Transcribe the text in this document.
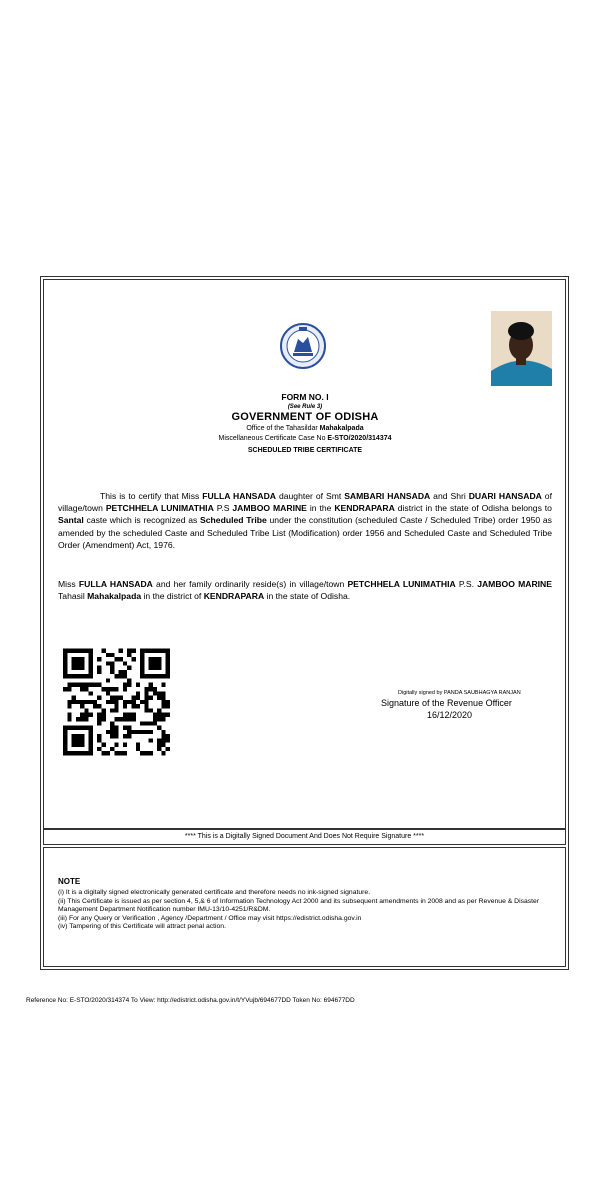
FORM NO. I
(See Rule 3)
GOVERNMENT OF ODISHA
Office of the Tahasildar Mahakalpada
Miscellaneous Certificate Case No E-STO/2020/314374
SCHEDULED TRIBE CERTIFICATE
This is to certify that Miss FULLA HANSADA daughter of Smt SAMBARI HANSADA and Shri DUARI HANSADA of village/town PETCHHELA LUNIMATHIA P.S JAMBOO MARINE in the KENDRAPARA district in the state of Odisha belongs to Santal caste which is recognized as Scheduled Tribe under the constitution (scheduled Caste / Scheduled Tribe) order 1950 as amended by the scheduled Caste and Scheduled Tribe List (Modification) order 1956 and Scheduled Caste and Scheduled Tribe Order (Amendment) Act, 1976.
Miss FULLA HANSADA and her family ordinarily reside(s) in village/town PETCHHELA LUNIMATHIA P.S. JAMBOO MARINE Tahasil Mahakalpada in the district of KENDRAPARA in the state of Odisha.
Digitally signed by PANDA SAUBHAGYA RANJAN
Signature of the Revenue Officer
16/12/2020
**** This is a Digitally Signed Document And Does Not Require Signature ****
NOTE
(i) It is a digitally signed electronically generated certificate and therefore needs no ink-signed signature.
(ii) This Certificate is issued as per section 4, 5,& 6 of Information Technology Act 2000 and its subsequent amendments in 2008 and as per Revenue & Disaster Management Department Notification number IMU-13/10-4251/R&DM.
(iii) For any Query or Verification , Agency /Department / Office may visit https://edistrict.odisha.gov.in
(iv) Tampering of this Certificate will attract penal action.
Reference No: E-STO/2020/314374 To View: http://edistrict.odisha.gov.in/t/YVujb/694677DD Token No: 694677DD
